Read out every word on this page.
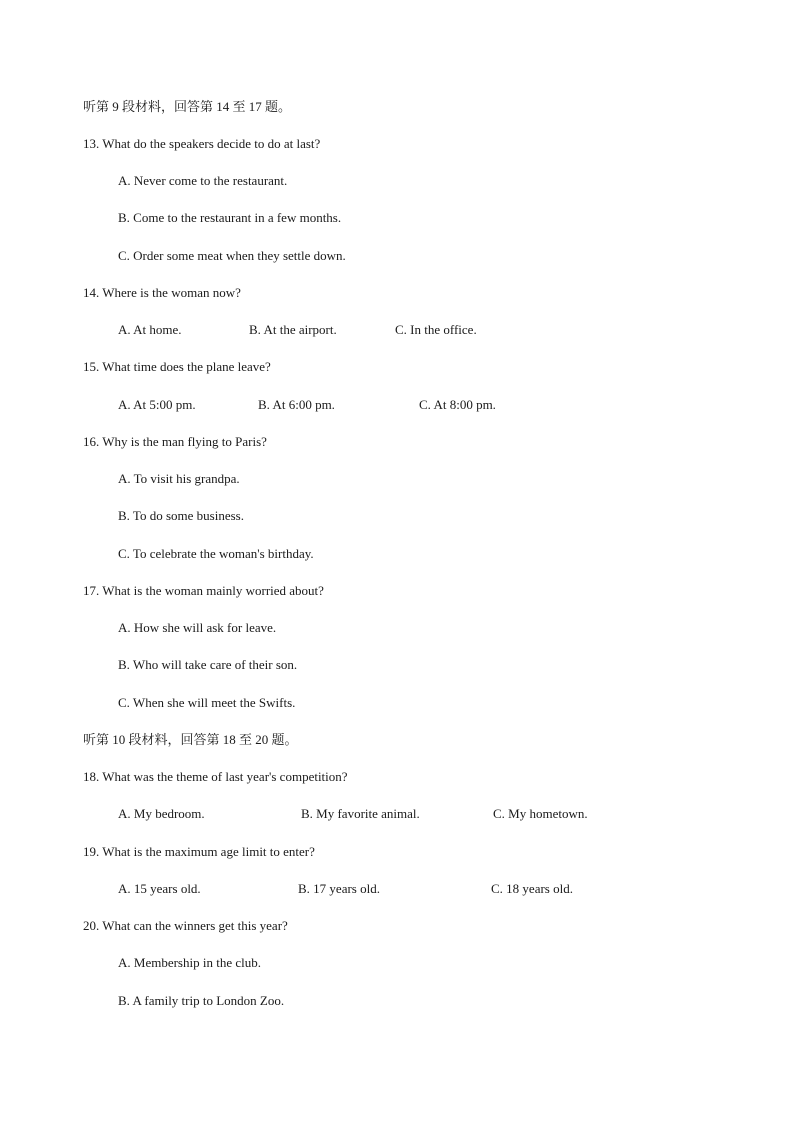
听第 9 段材料，回答第 14 至 17 题。
13. What do the speakers decide to do at last?
A. Never come to the restaurant.
B. Come to the restaurant in a few months.
C. Order some meat when they settle down.
14. Where is the woman now?
A. At home.	B. At the airport.	C. In the office.
15. What time does the plane leave?
A. At 5:00 pm.	B. At 6:00 pm.	C. At 8:00 pm.
16. Why is the man flying to Paris?
A. To visit his grandpa.
B. To do some business.
C. To celebrate the woman's birthday.
17. What is the woman mainly worried about?
A. How she will ask for leave.
B. Who will take care of their son.
C. When she will meet the Swifts.
听第 10 段材料，回答第 18 至 20 题。
18. What was the theme of last year's competition?
A. My bedroom.	B. My favorite animal.	C. My hometown.
19. What is the maximum age limit to enter?
A. 15 years old.	B. 17 years old.	C. 18 years old.
20. What can the winners get this year?
A. Membership in the club.
B. A family trip to London Zoo.
